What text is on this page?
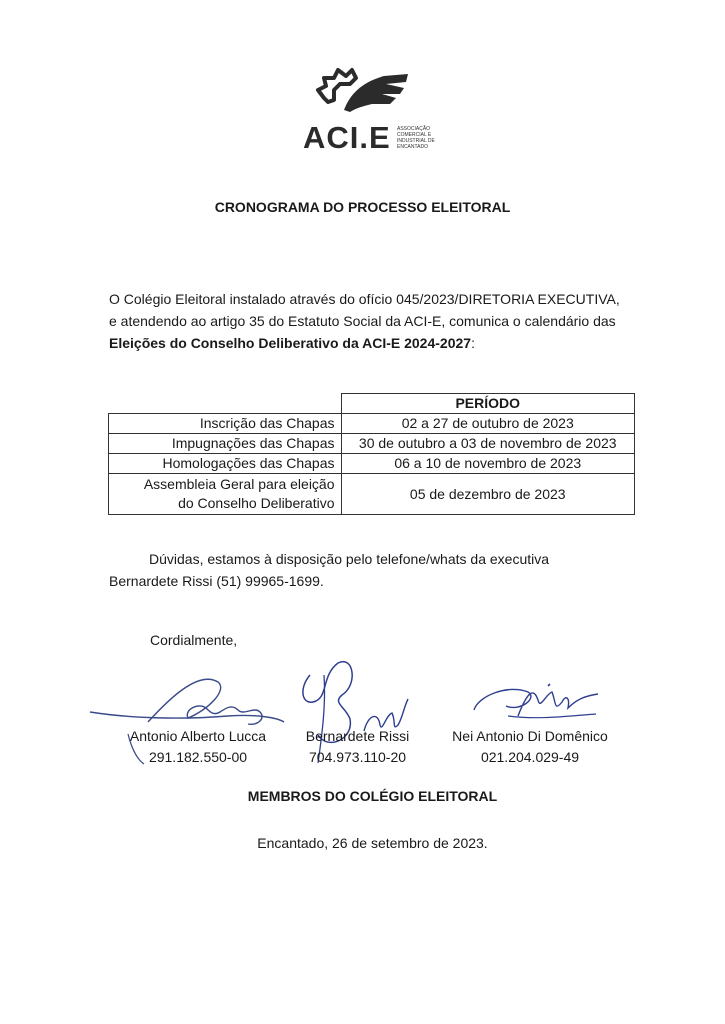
ACI.E ASSOCIAÇÃO
COMERCIAL E
INDUSTRIAL DE
ENCANTADO
CRONOGRAMA DO PROCESSO ELEITORAL
O Colégio Eleitoral instalado através do ofício 045/2023/DIRETORIA EXECUTIVA,
e atendendo ao artigo 35 do Estatuto Social da ACI-E, comunica o calendário das
Eleições do Conselho Deliberativo da ACI-E 2024-2027:
	PERÍODO
Inscrição das Chapas	02 a 27 de outubro de 2023
Impugnações das Chapas	30 de outubro a 03 de novembro de 2023
Homologações das Chapas	06 a 10 de novembro de 2023

Assembleia Geral para eleição
do Conselho Deliberativo	05 de dezembro de 2023
Dúvidas, estamos à disposição pelo telefone/whats da executiva
Bernardete Rissi (51) 99965-1699.
Cordialmente,
Antonio Alberto Lucca
291.182.550-00
Bernardete Rissi
704.973.110-20
Nei Antonio Di Domênico
021.204.029-49
MEMBROS DO COLÉGIO ELEITORAL
Encantado, 26 de setembro de 2023.
